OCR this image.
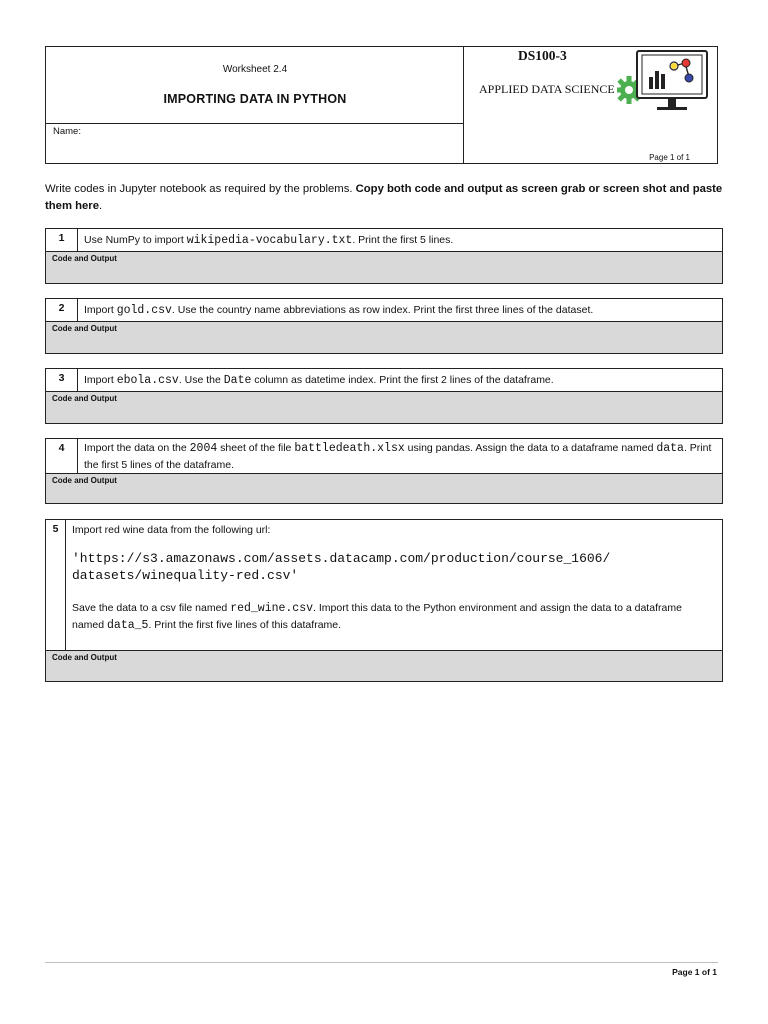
Worksheet 2.4
IMPORTING DATA IN PYTHON
Name:
DS100-3
APPLIED DATA SCIENCE
Page 1 of 1
Write codes in Jupyter notebook as required by the problems. Copy both code and output as screen grab or screen shot and paste them here.
1	Use NumPy to import wikipedia-vocabulary.txt. Print the first 5 lines.
Code and Output
2	Import gold.csv. Use the country name abbreviations as row index. Print the first three lines of the dataset.
Code and Output
3	Import ebola.csv. Use the Date column as datetime index. Print the first 2 lines of the dataframe.
Code and Output
4	Import the data on the 2004 sheet of the file battledeath.xlsx using pandas. Assign the data to a dataframe named data. Print the first 5 lines of the dataframe.
Code and Output
5	Import red wine data from the following url:
'https://s3.amazonaws.com/assets.datacamp.com/production/course_1606/
datasets/winequality-red.csv'
Save the data to a csv file named red_wine.csv. Import this data to the Python environment and assign the data to a dataframe named data_5. Print the first five lines of this dataframe.
Code and Output
Page 1 of 1
